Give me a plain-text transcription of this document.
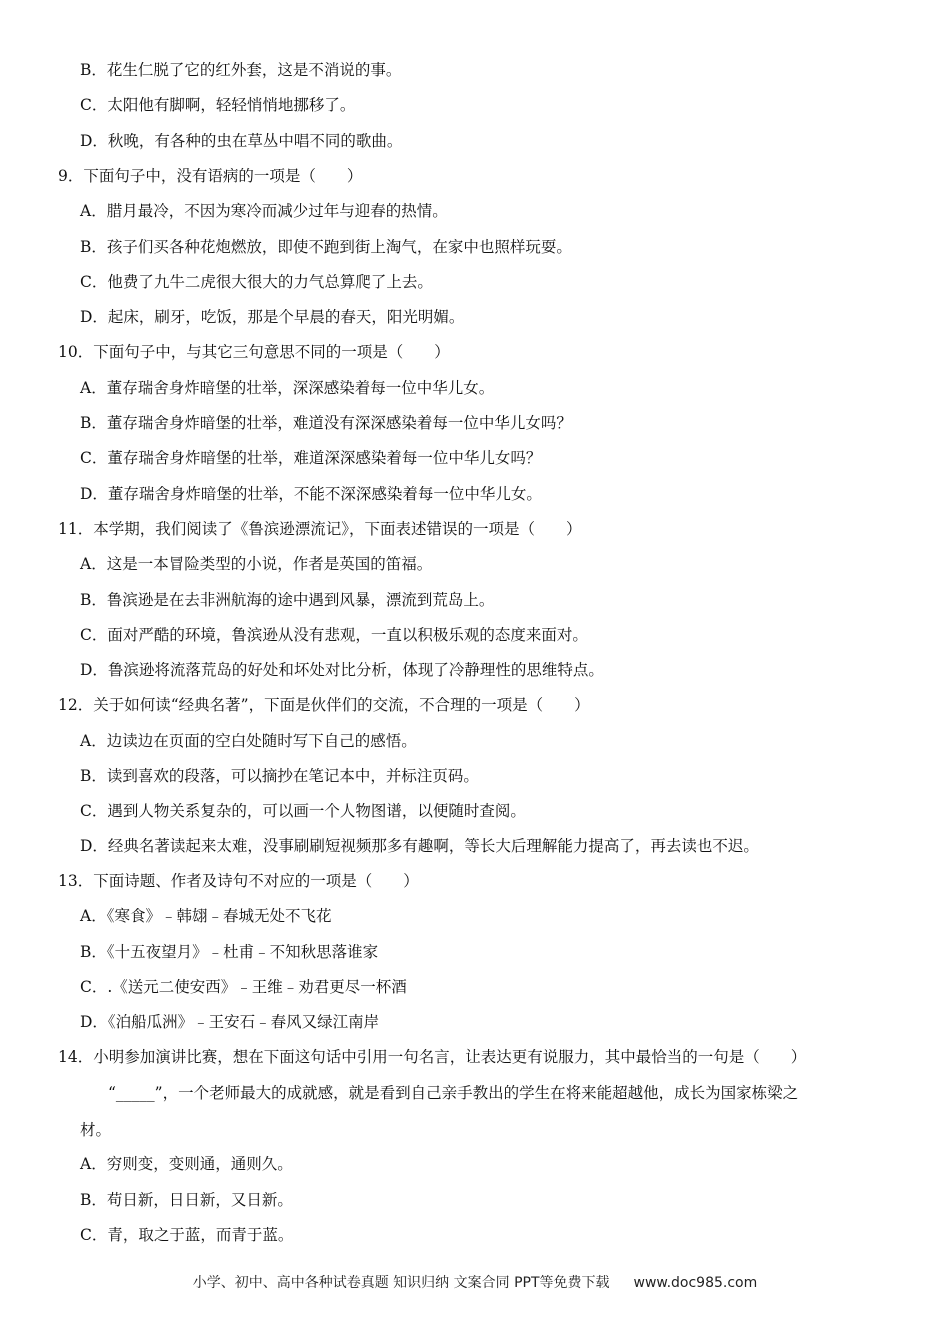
B．花生仁脱了它的红外套，这是不消说的事。
C．太阳他有脚啊，轻轻悄悄地挪移了。
D．秋晚，有各种的虫在草丛中唱不同的歌曲。
9．下面句子中，没有语病的一项是（　　）
A．腊月最冷，不因为寒冷而减少过年与迎春的热情。
B．孩子们买各种花炮燃放，即使不跑到街上淘气，在家中也照样玩耍。
C．他费了九牛二虎很大很大的力气总算爬了上去。
D．起床，刷牙，吃饭，那是个早晨的春天，阳光明媚。
10．下面句子中，与其它三句意思不同的一项是（　　）
A．董存瑞舍身炸暗堡的壮举，深深感染着每一位中华儿女。
B．董存瑞舍身炸暗堡的壮举，难道没有深深感染着每一位中华儿女吗？
C．董存瑞舍身炸暗堡的壮举，难道深深感染着每一位中华儿女吗？
D．董存瑞舍身炸暗堡的壮举，不能不深深感染着每一位中华儿女。
11．本学期，我们阅读了《鲁滨逊漂流记》，下面表述错误的一项是（　　）
A．这是一本冒险类型的小说，作者是英国的笛福。
B．鲁滨逊是在去非洲航海的途中遇到风暴，漂流到荒岛上。
C．面对严酷的环境，鲁滨逊从没有悲观，一直以积极乐观的态度来面对。
D．鲁滨逊将流落荒岛的好处和坏处对比分析，体现了冷静理性的思维特点。
12．关于如何读“经典名著”，下面是伙伴们的交流，不合理的一项是（　　）
A．边读边在页面的空白处随时写下自己的感悟。
B．读到喜欢的段落，可以摘抄在笔记本中，并标注页码。
C．遇到人物关系复杂的，可以画一个人物图谱，以便随时查阅。
D．经典名著读起来太难，没事刷刷短视频那多有趣啊，等长大后理解能力提高了，再去读也不迟。
13．下面诗题、作者及诗句不对应的一项是（　　）
A．《寒食》﹣韩翃﹣春城无处不飞花
B．《十五夜望月》﹣杜甫﹣不知秋思落谁家
C．.《送元二使安西》﹣王维﹣劝君更尽一杯酒
D．《泊船瓜洲》﹣王安石﹣春风又绿江南岸
14．小明参加演讲比赛，想在下面这句话中引用一句名言，让表达更有说服力，其中最恰当的一句是（　　）
“_____”，一个老师最大的成就感，就是看到自己亲手教出的学生在将来能超越他，成长为国家栋梁之
材。
A．穷则变，变则通，通则久。
B．苟日新，日日新，又日新。
C．青，取之于蓝，而青于蓝。
小学、初中、高中各种试卷真题 知识归纳 文案合同 PPT等免费下载 www.doc985.com
